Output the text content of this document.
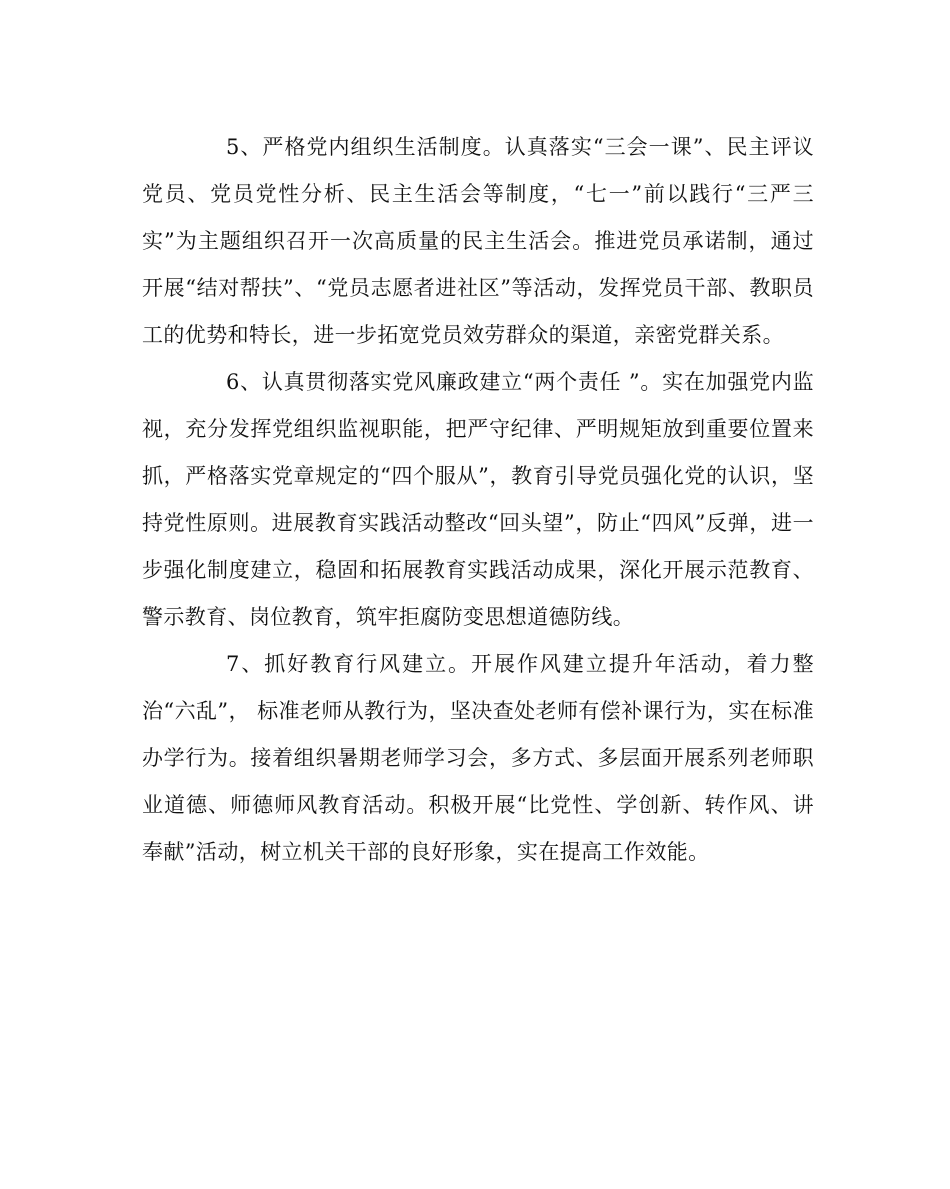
5、严格党内组织生活制度。认真落实“三会一课”、民主评议党员、党员党性分析、民主生活会等制度，“七一”前以践行“三严三实”为主题组织召开一次高质量的民主生活会。推进党员承诺制，通过开展“结对帮扶”、“党员志愿者进社区”等活动，发挥党员干部、教职员工的优势和特长，进一步拓宽党员效劳群众的渠道，亲密党群关系。

6、认真贯彻落实党风廉政建立“两个责任 ”。实在加强党内监视，充分发挥党组织监视职能，把严守纪律、严明规矩放到重要位置来抓，严格落实党章规定的“四个服从”，教育引导党员强化党的认识，坚持党性原则。进展教育实践活动整改“回头望”，防止“四风”反弹，进一步强化制度建立，稳固和拓展教育实践活动成果，深化开展示范教育、警示教育、岗位教育，筑牢拒腐防变思想道德防线。

7、抓好教育行风建立。开展作风建立提升年活动，着力整治“六乱”， 标准老师从教行为，坚决查处老师有偿补课行为，实在标准办学行为。接着组织暑期老师学习会，多方式、多层面开展系列老师职业道德、师德师风教育活动。积极开展“比党性、学创新、转作风、讲奉献”活动，树立机关干部的良好形象，实在提高工作效能。
